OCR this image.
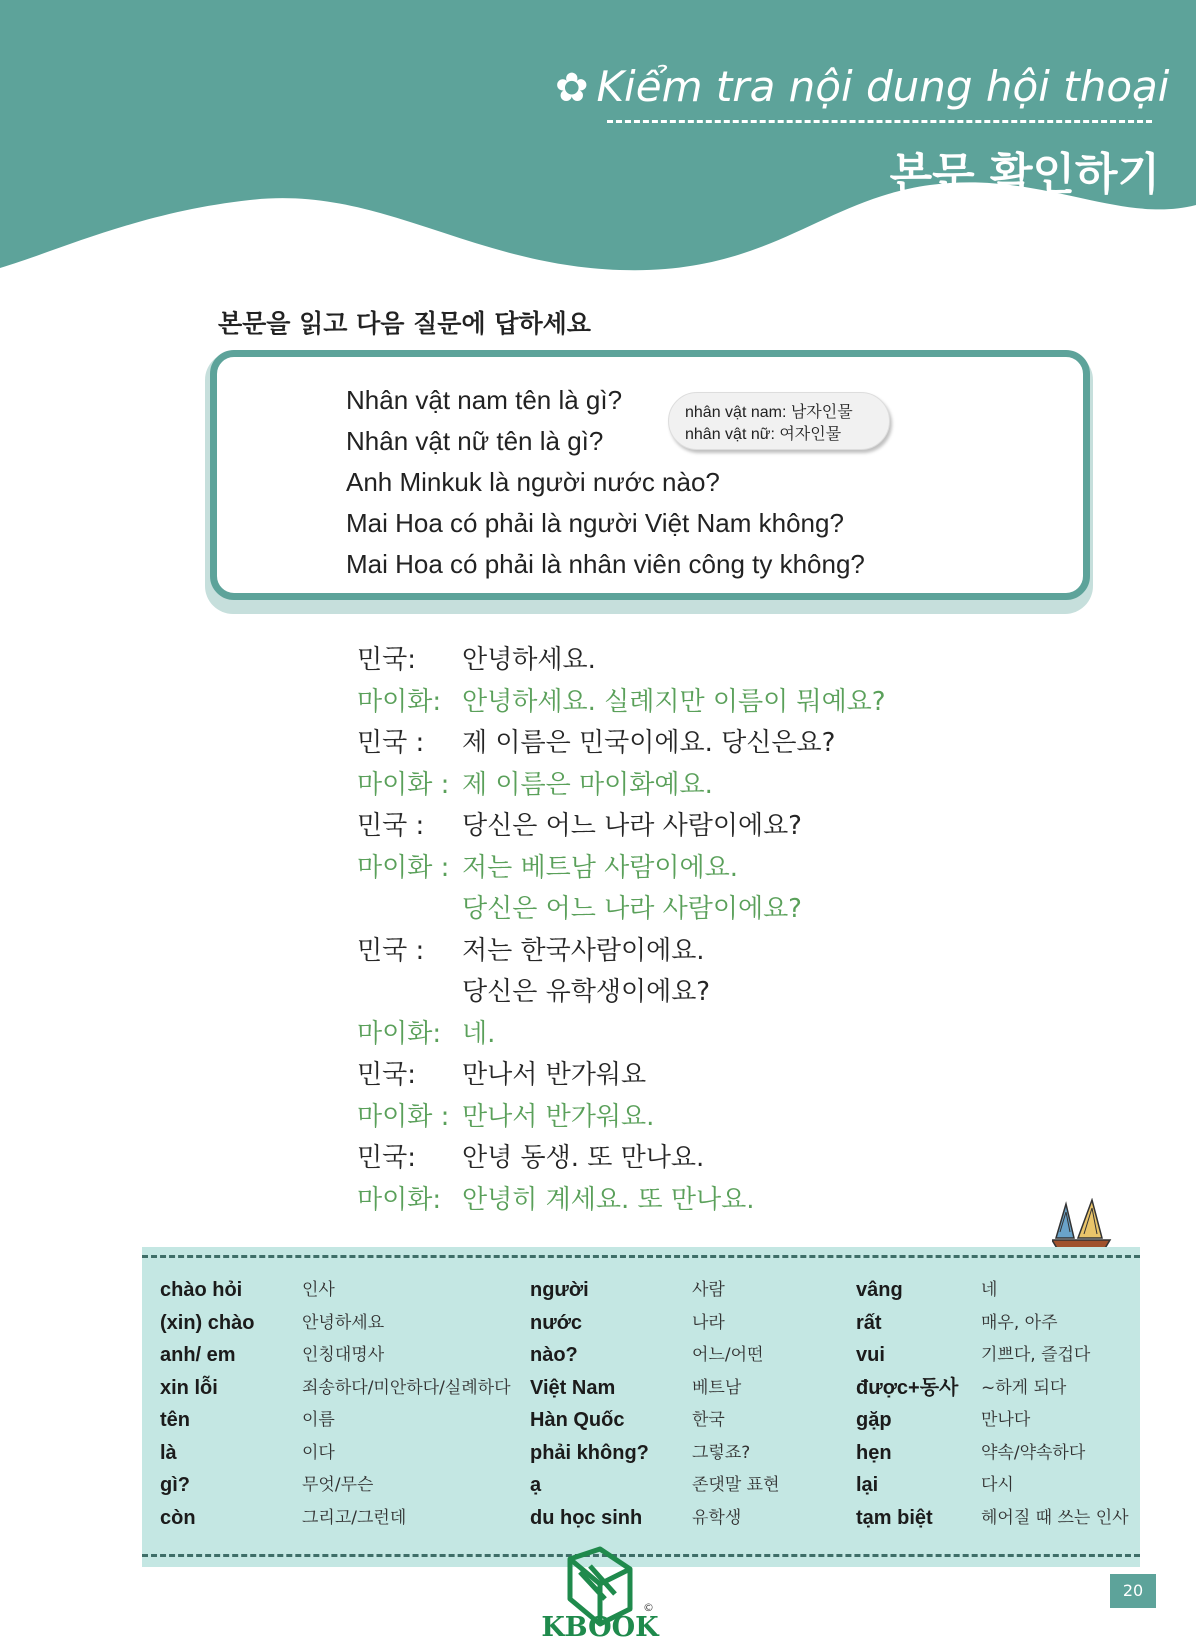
✿ Kiểm tra nội dung hội thoại
본문 확인하기
본문을 읽고 다음 질문에 답하세요
Nhân vật nam tên là gì?
Nhân vật nữ tên là gì?
Anh Minkuk là người nước nào?
Mai Hoa có phải là người Việt Nam không?
Mai Hoa có phải là nhân viên công ty không?
nhân vật nam: 남자인물
nhân vật nữ: 여자인물
민국: 안녕하세요.
마이화: 안녕하세요. 실례지만 이름이 뭐예요?
민국 : 제 이름은 민국이에요. 당신은요?
마이화 : 제 이름은 마이화예요.
민국 : 당신은 어느 나라 사람이에요?
마이화 : 저는 베트남 사람이에요.
당신은 어느 나라 사람이에요?
민국 : 저는 한국사람이에요.
당신은 유학생이에요?
마이화: 네.
민국: 만나서 반가워요
마이화 : 만나서 반가워요.
민국: 안녕 동생. 또 만나요.
마이화: 안녕히 계세요. 또 만나요.
chào hỏi	인사
(xin) chào	안녕하세요
anh/ em	인칭대명사
xin lỗi	죄송하다/미안하다/실례하다
tên	이름
là	이다
gì?	무엇/무슨
còn	그리고/그런데
người	사람
nước	나라
nào?	어느/어떤
Việt Nam	베트남
Hàn Quốc	한국
phải không?	그렇죠?
ạ	존댓말 표현
du học sinh	유학생
vâng	네
rất	매우, 아주
vui	기쁘다, 즐겁다
được+동사 ~하게 되다
gặp	만나다
hẹn	약속/약속하다
lại	다시
tạm biệt	헤어질 때 쓰는 인사
20
KBOOK
©
